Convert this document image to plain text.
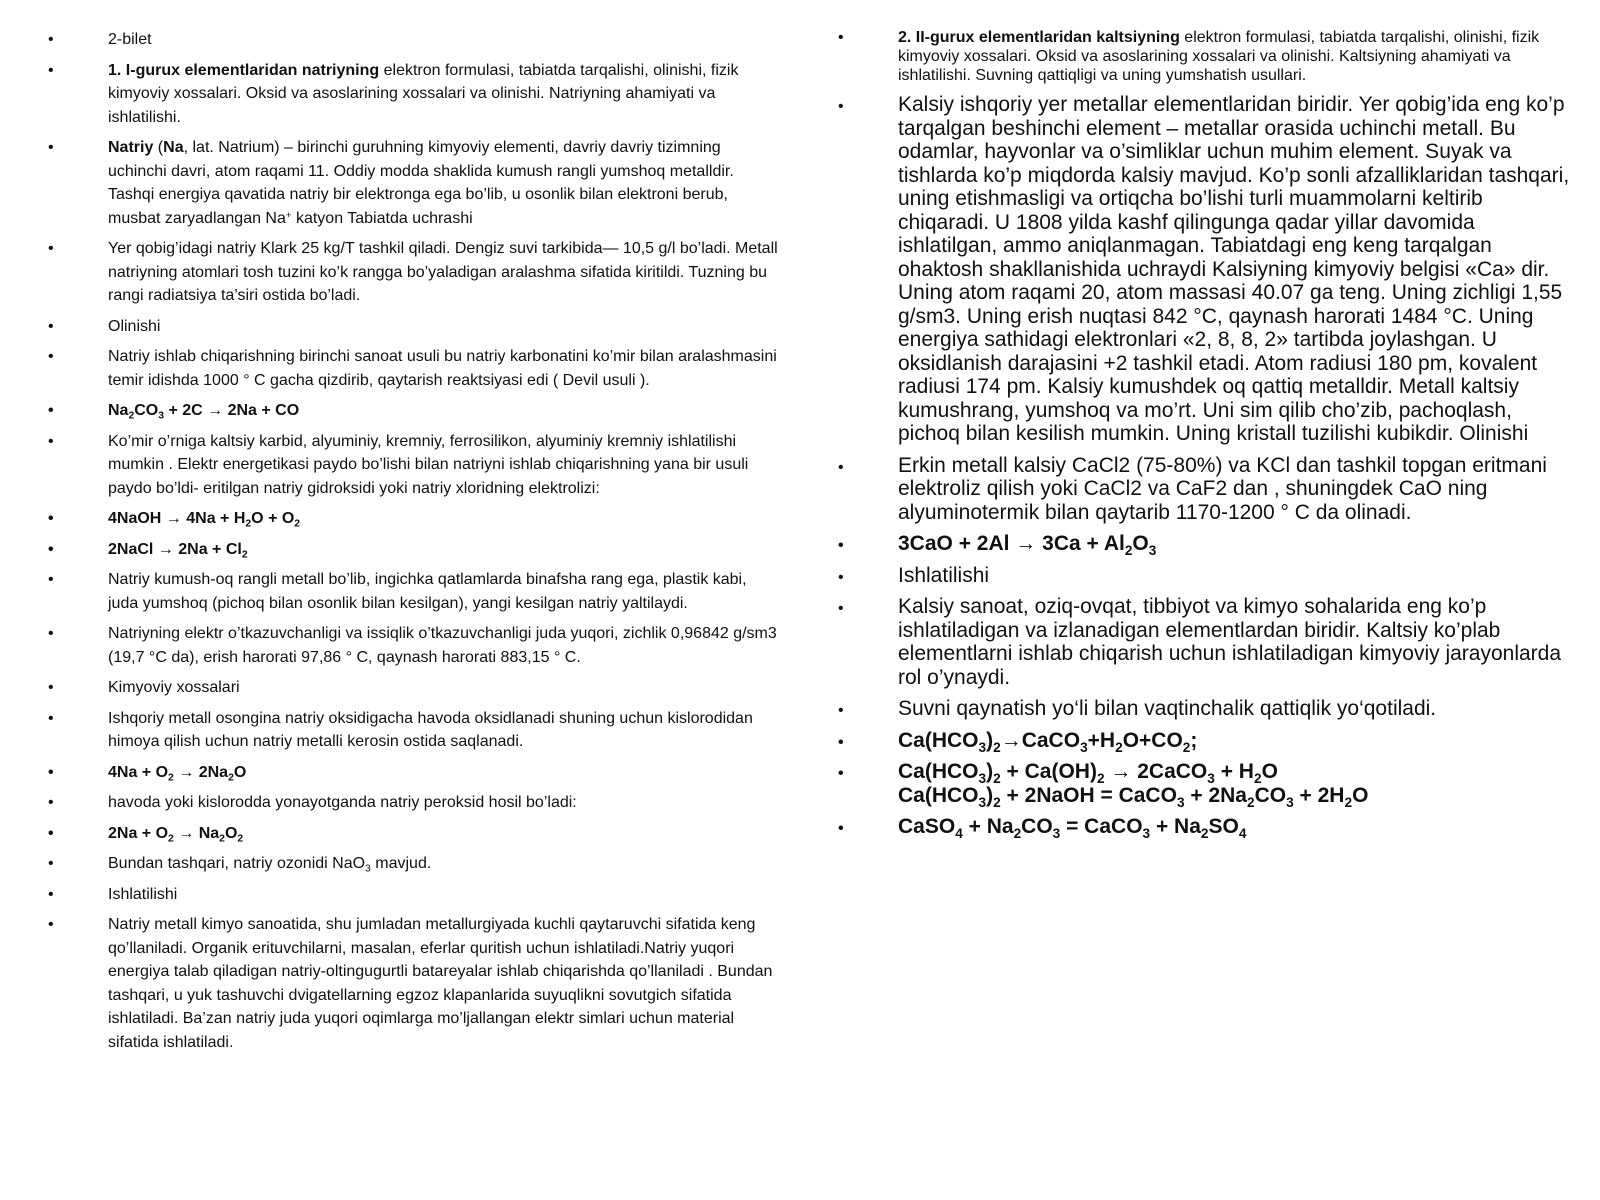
•	2-bilet
•	1. I-gurux elementlaridan natriyning elektron formulasi, tabiatda tarqalishi, olinishi, fizik kimyoviy xossalari. Oksid va asoslarining xossalari va olinishi. Natriyning ahamiyati va ishlatilishi.
•	Natriy (Na, lat. Natrium) – birinchi guruhning kimyoviy elementi, davriy davriy tizimning uchinchi davri, atom raqami 11. Oddiy modda shaklida kumush rangli yumshoq metalldir. Tashqi energiya qavatida natriy bir elektronga ega bo’lib, u osonlik bilan elektroni berub, musbat zaryadlangan Na+ katyon Tabiatda uchrashi
•	Yer qobig’idagi natriy Klark 25 kg/T tashkil qiladi. Dengiz suvi tarkibida— 10,5 g/l bo’ladi. Metall natriyning atomlari tosh tuzini ko’k rangga bo’yaladigan aralashma sifatida kiritildi. Tuzning bu rangi radiatsiya ta’siri ostida bo’ladi.
•	Olinishi
•	Natriy ishlab chiqarishning birinchi sanoat usuli bu natriy karbonatini ko’mir bilan aralashmasini temir idishda 1000 ° C gacha qizdirib, qaytarish reaktsiyasi edi ( Devil usuli ).
•	$Na_2CO_3 + 2C \to 2Na$ + CO
•	Ko’mir o’rniga kaltsiy karbid, alyuminiy, kremniy, ferrosilikon, alyuminiy kremniy ishlatilishi mumkin . Elektr energetikasi paydo bo’lishi bilan natriyni ishlab chiqarishning yana bir usuli paydo bo’ldi- eritilgan natriy gidroksidi yoki natriy xloridning elektrolizi:
•	4NaOH → $4Na + H_2O + O_2$
•	2NaCl → $2Na + Cl_2$
•	Natriy kumush-oq rangli metall bo’lib, ingichka qatlamlarda binafsha rang ega, plastik kabi, juda yumshoq (pichoq bilan osonlik bilan kesilgan), yangi kesilgan natriy yaltilaydi.
•	Natriyning elektr o’tkazuvchanligi va issiqlik o’tkazuvchanligi juda yuqori, zichlik 0,96842 g/sm3 (19,7 °C da), erish harorati 97,86 ° C, qaynash harorati 883,15 ° C.
•	Kimyoviy xossalari
•	Ishqoriy metall osongina natriy oksidigacha havoda oksidlanadi shuning uchun kislorodidan himoya qilish uchun natriy metalli kerosin ostida saqlanadi.
•	$4Na + O_2 \to 2Na_2O$
•	havoda yoki kislorodda yonayotganda natriy peroksid hosil bo’ladi:
•	$2Na + O_2 \to Na_2O_2$
•	Bundan tashqari, natriy ozonidi NaO$_3$ mavjud.
•	Ishlatilishi
•	Natriy metall kimyo sanoatida, shu jumladan metallurgiyada kuchli qaytaruvchi sifatida keng qo’llaniladi. Organik erituvchilarni, masalan, eferlar quritish uchun ishlatiladi.Natriy yuqori energiya talab qiladigan natriy-oltingugurtli batareyalar ishlab chiqarishda qo’llaniladi . Bundan tashqari, u yuk tashuvchi dvigatellarning egzoz klapanlarida suyuqlikni sovutgich sifatida ishlatiladi. Ba’zan natriy juda yuqori oqimlarga mo’ljallangan elektr simlari uchun material sifatida ishlatiladi.
•	2. II-gurux elementlaridan kaltsiyning elektron formulasi, tabiatda tarqalishi, olinishi, fizik kimyoviy xossalari. Oksid va asoslarining xossalari va olinishi. Kaltsiyning ahamiyati va ishlatilishi. Suvning qattiqligi va uning yumshatish usullari.
•	Kalsiy ishqoriy yer metallar elementlaridan biridir. Yer qobig’ida eng ko’p tarqalgan beshinchi element – metallar orasida uchinchi metall. Bu odamlar, hayvonlar va o’simliklar uchun muhim element. Suyak va tishlarda ko’p miqdorda kalsiy mavjud. Ko’p sonli afzalliklaridan tashqari, uning etishmasligi va ortiqcha bo’lishi turli muammolarni keltirib chiqaradi. U 1808 yilda kashf qilingunga qadar yillar davomida ishlatilgan, ammo aniqlanmagan. Tabiatdagi eng keng tarqalgan ohaktosh shakllanishida uchraydi Kalsiyning kimyoviy belgisi «Ca» dir. Uning atom raqami 20, atom massasi 40.07 ga teng. Uning zichligi 1,55 g/sm3. Uning erish nuqtasi 842 °C, qaynash harorati 1484 °C. Uning energiya sathidagi elektronlari «2, 8, 8, 2» tartibda joylashgan. U oksidlanish darajasini +2 tashkil etadi. Atom radiusi 180 pm, kovalent radiusi 174 pm. Kalsiy kumushdek oq qattiq metalldir. Metall kaltsiy kumushrang, yumshoq va mo’rt. Uni sim qilib cho’zib, pachoqlash, pichoq bilan kesilish mumkin. Uning kristall tuzilishi kubikdir. Olinishi
•	Erkin metall kalsiy CaCl2 (75-80%) va KCl dan tashkil topgan eritmani elektroliz qilish yoki CaCl2 va CaF2 dan , shuningdek CaO ning alyuminotermik bilan qaytarib 1170-1200 ° C da olinadi.
•	$3CaO + 2Al \to 3Ca + Al_2O_3$
•	Ishlatilishi
•	Kalsiy sanoat, oziq-ovqat, tibbiyot va kimyo sohalarida eng ko’p ishlatiladigan va izlanadigan elementlardan biridir. Kaltsiy ko’plab elementlarni ishlab chiqarish uchun ishlatiladigan kimyoviy jarayonlarda rol o’ynaydi.
•	Suvni qaynatish yo‘li bilan vaqtinchalik qattiqlik yo‘qotiladi.
•	$Ca(HCO_3)_2\to CaCO_3+H_2O+CO_2$;
•	$Ca(HCO_3)_2 + Ca(OH)_2$ → 2CaCO$_3$ + $H_2O$
$Ca(HCO_3)_2$ + 2NaOH = CaCO$_3$ + $2Na_2CO_3 + 2H_2O$
•	CaSO$_4$ + $Na_2CO_3$ = CaCO$_3$ + $Na_2SO_4$
